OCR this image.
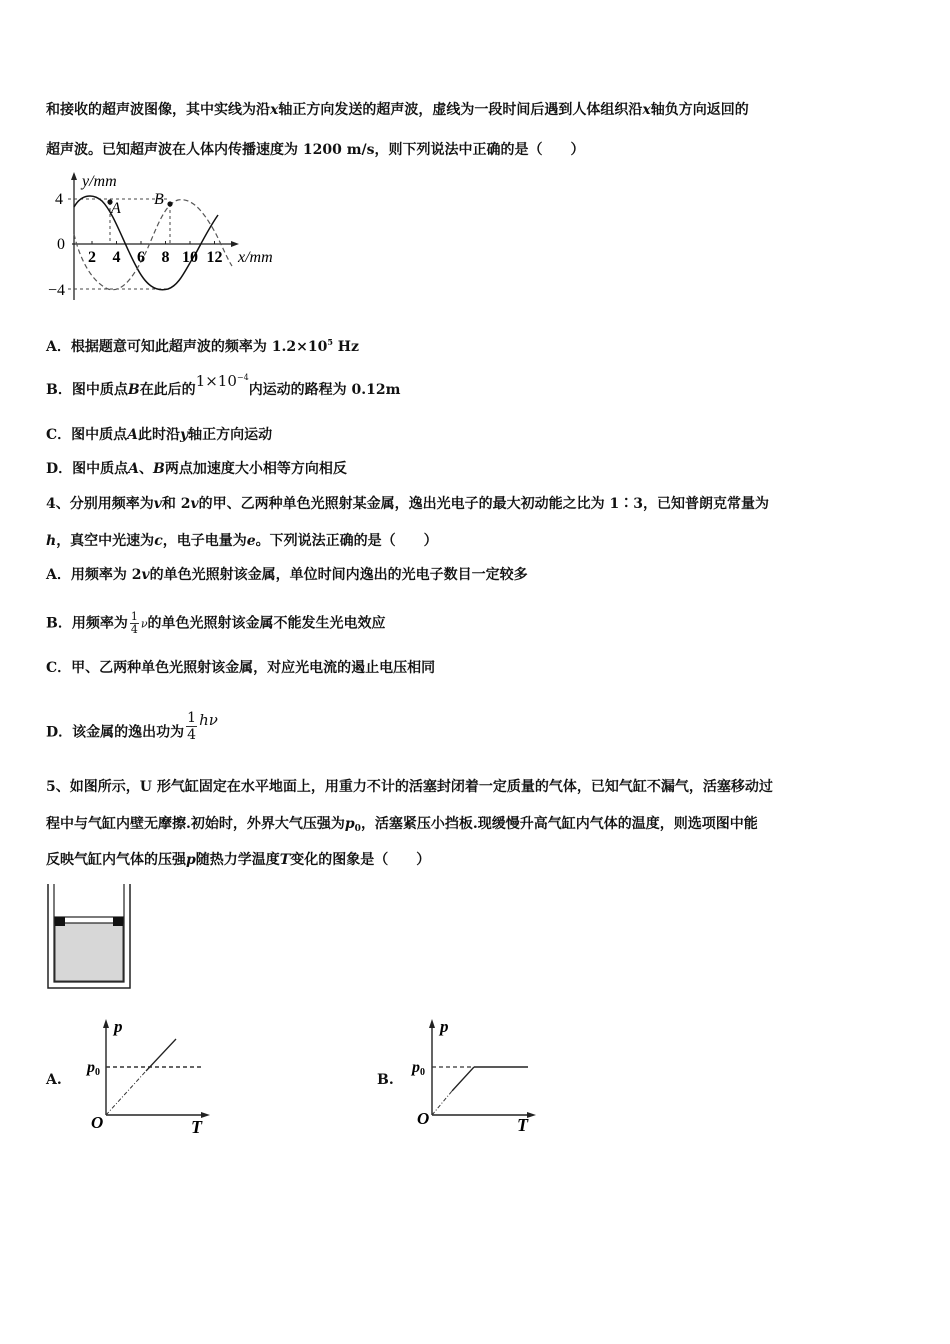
和接收的超声波图像，其中实线为沿x轴正方向发送的超声波，虚线为一段时间后遇到人体组织沿x轴负方向返回的
超声波。已知超声波在人体内传播速度为 1200 m/s，则下列说法中正确的是（　　）
A
B
y/mm
x/mm
4
0
−4
2 4 6 8 10 12
A．根据题意可知此超声波的频率为 $1.2\times 10^5$ Hz
B．图中质点B在此后的$1\times 10^{-4}$内运动的路程为 0.12m
C．图中质点A此时沿y轴正方向运动
D．图中质点A、B两点加速度大小相等方向相反
4、分别用频率为v和 2v的甲、乙两种单色光照射某金属，逸出光电子的最大初动能之比为 1∶3，已知普朗克常量为
h，真空中光速为c，电子电量为e。下列说法正确的是（　　）
A．用频率为 2v的单色光照射该金属，单位时间内逸出的光电子数目一定较多
B．用频率为 $\frac{1}{4}$ ν的单色光照射该金属不能发生光电效应
C．甲、乙两种单色光照射该金属，对应光电流的遏止电压相同
D．该金属的逸出功为 $\frac{1}{4}$ hν
5、如图所示，U 形气缸固定在水平地面上，用重力不计的活塞封闭着一定质量的气体，已知气缸不漏气，活塞移动过
程中与气缸内壁无摩擦.初始时，外界大气压强为$p_0$，活塞紧压小挡板.现缓慢升高气缸内气体的温度，则选项图中能
反映气缸内气体的压强p随热力学温度T变化的图象是（　　）
A.
p
p0
O	T
B.
p
p0
O	T
